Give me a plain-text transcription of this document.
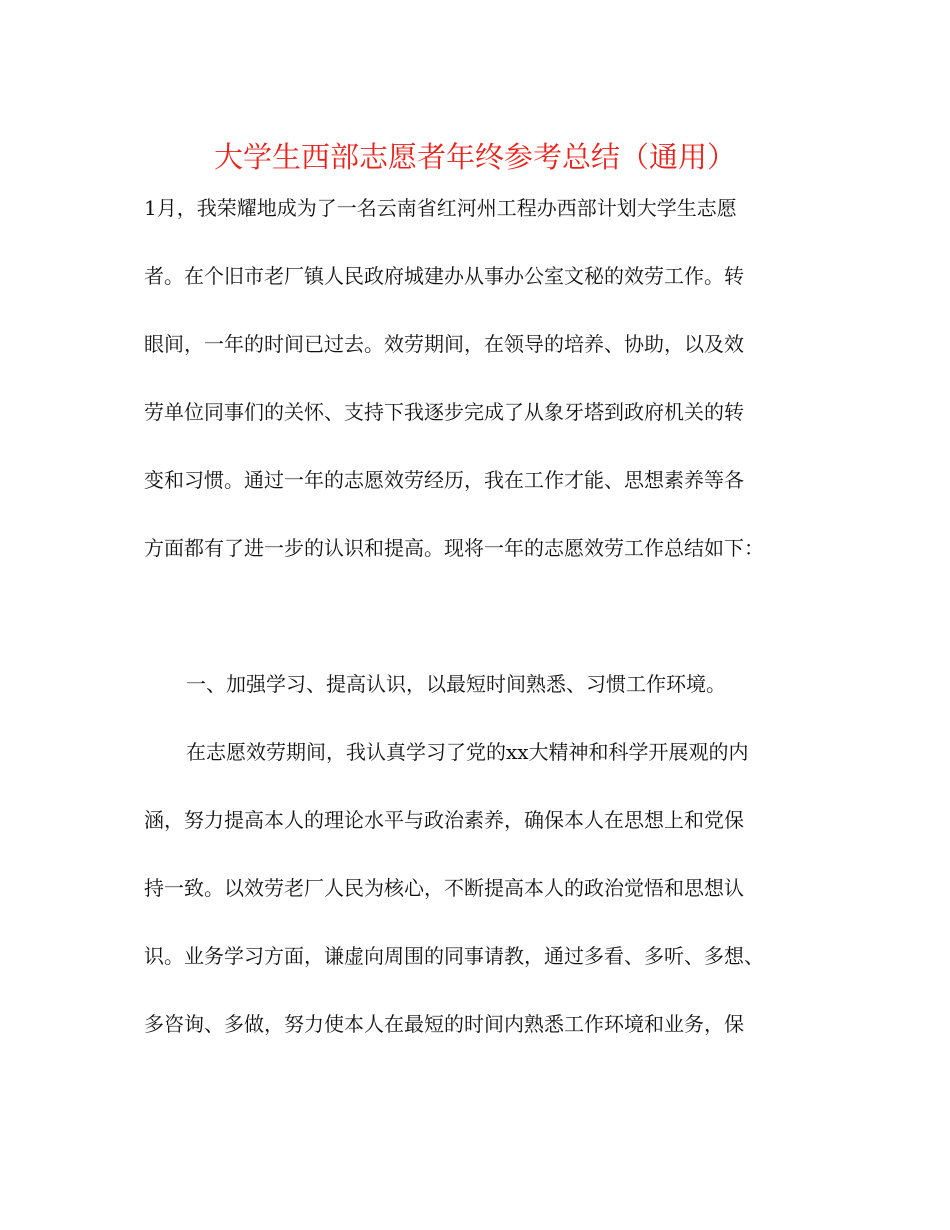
大学生西部志愿者年终参考总结（通用）
1月，我荣耀地成为了一名云南省红河州工程办西部计划大学生志愿
者。在个旧市老厂镇人民政府城建办从事办公室文秘的效劳工作。转
眼间，一年的时间已过去。效劳期间，在领导的培养、协助，以及效
劳单位同事们的关怀、支持下我逐步完成了从象牙塔到政府机关的转
变和习惯。通过一年的志愿效劳经历，我在工作才能、思想素养等各
方面都有了进一步的认识和提高。现将一年的志愿效劳工作总结如下：
一、加强学习、提高认识，以最短时间熟悉、习惯工作环境。
在志愿效劳期间，我认真学习了党的xx大精神和科学开展观的内
涵，努力提高本人的理论水平与政治素养，确保本人在思想上和党保
持一致。以效劳老厂人民为核心，不断提高本人的政治觉悟和思想认
识。业务学习方面，谦虚向周围的同事请教，通过多看、多听、多想、
多咨询、多做，努力使本人在最短的时间内熟悉工作环境和业务，保
